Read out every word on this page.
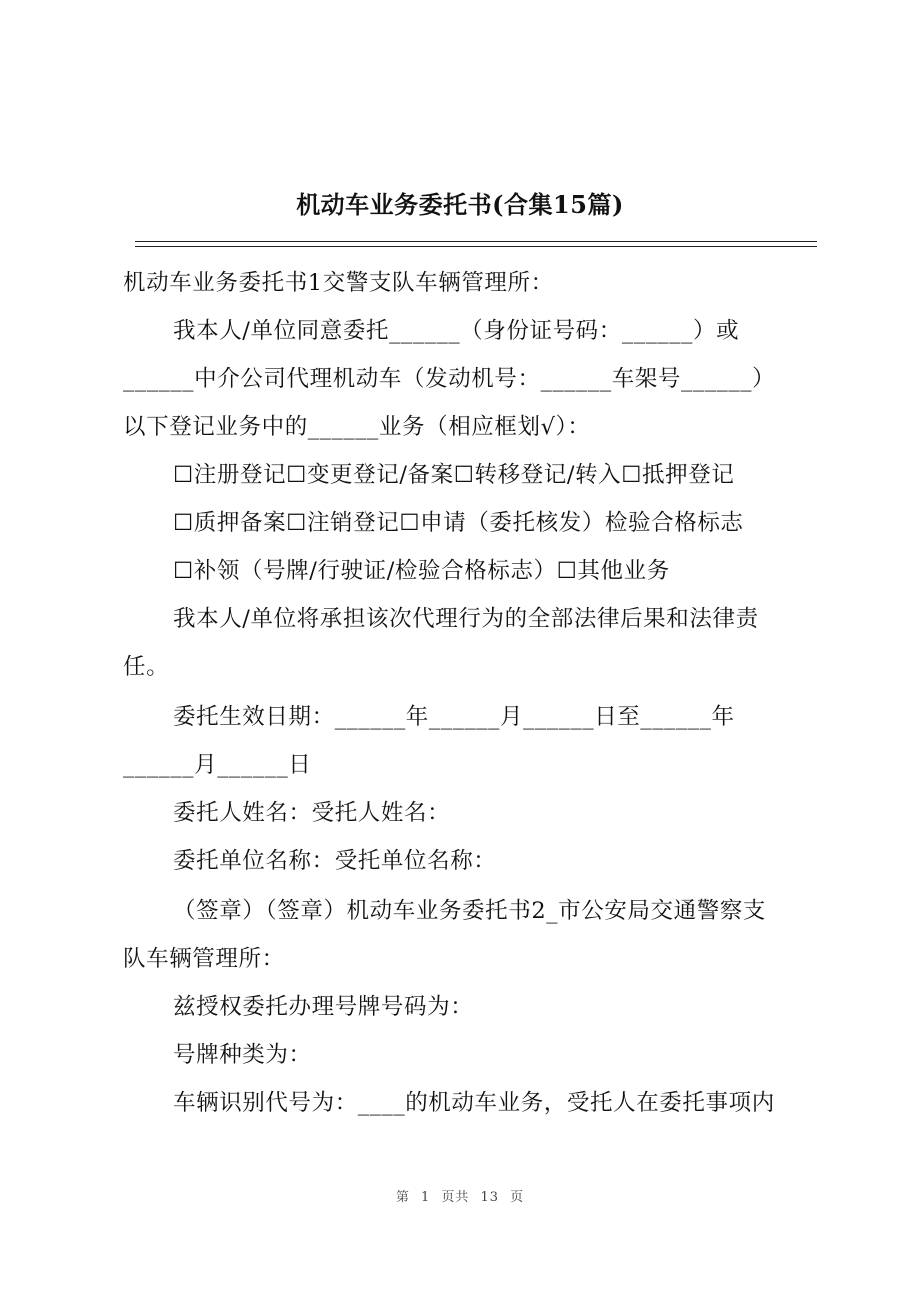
机动车业务委托书(合集15篇)
机动车业务委托书1交警支队车辆管理所：
我本人/单位同意委托______（身份证号码：______）或
______中介公司代理机动车（发动机号：______车架号______）
以下登记业务中的______业务（相应框划√）：
☐注册登记☐变更登记/备案☐转移登记/转入☐抵押登记
☐质押备案☐注销登记☐申请（委托核发）检验合格标志
☐补领（号牌/行驶证/检验合格标志）☐其他业务
我本人/单位将承担该次代理行为的全部法律后果和法律责
任。
委托生效日期：______年______月______日至______年
______月______日
委托人姓名：受托人姓名：
委托单位名称：受托单位名称：
（签章）（签章）机动车业务委托书2_市公安局交通警察支
队车辆管理所：
兹授权委托办理号牌号码为：
号牌种类为：
车辆识别代号为：____的机动车业务，受托人在委托事项内
第 1 页共 13 页
